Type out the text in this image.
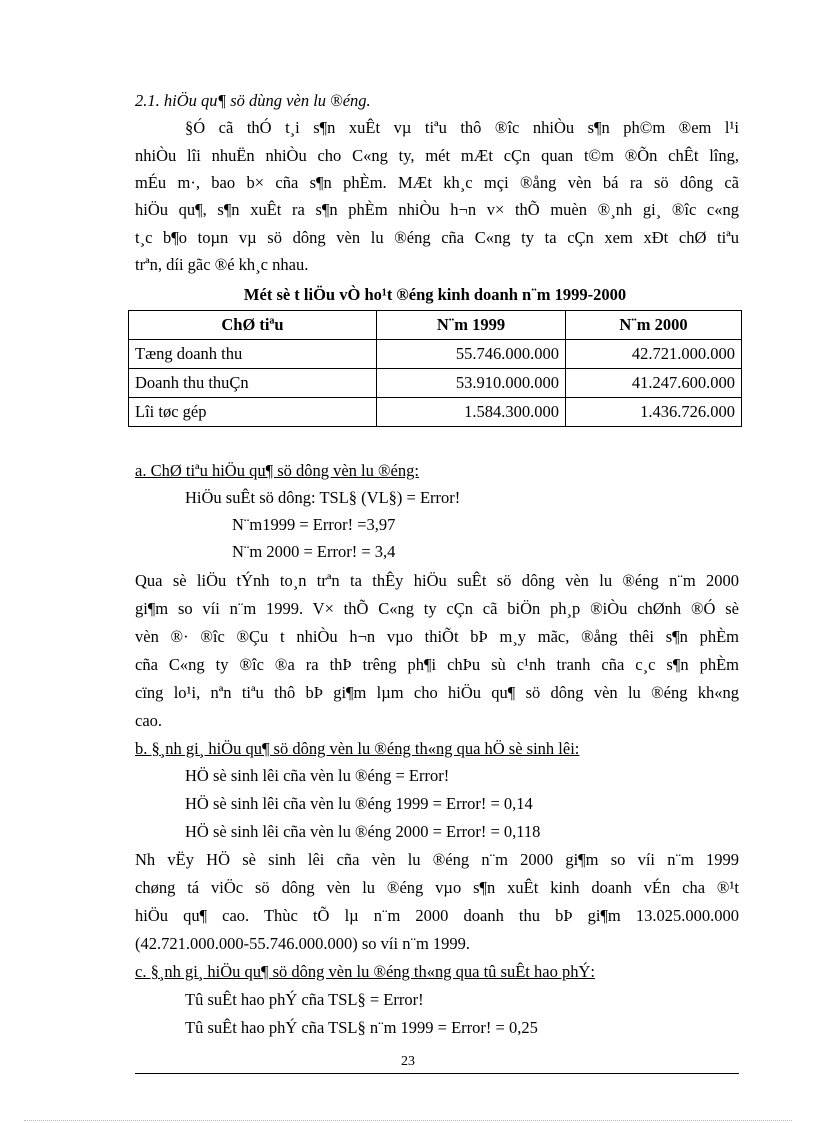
2.1. hiÖu qu¶ sö dùng vèn lu ®éng.
§Ó cã thÓ t¸i s¶n xuÊt vµ tiªu thô ®îc nhiÒu s¶n ph©m ®em l¹i
nhiÒu lîi nhuËn nhiÒu cho C«ng ty, mét mÆt cÇn quan t©m ®Õn chÊt lîng,
mÉu m·, bao b× cña s¶n phÈm. MÆt kh¸c mçi ®ång vèn bá ra sö dông cã
hiÖu qu¶, s¶n xuÊt ra s¶n phÈm nhiÒu h¬n v× thÕ muèn ®¸nh gi¸ ®îc c«ng
t¸c b¶o toµn vµ sö dông vèn lu ®éng cña C«ng ty ta cÇn xem xÐt chØ tiªu
trªn, díi gãc ®é kh¸c nhau.
Mét sè t liÖu vÒ ho¹t ®éng kinh doanh n¨m 1999-2000
ChØ tiªu	N¨m 1999	N¨m 2000
Tæng doanh thu	55.746.000.000	42.721.000.000
Doanh thu thuÇn	53.910.000.000	41.247.600.000
Lîi tøc gép	1.584.300.000	1.436.726.000
a. ChØ tiªu hiÖu qu¶ sö dông vèn lu ®éng:
HiÖu suÊt sö dông: TSL§ (VL§) = Error!
N¨m1999 = Error! =3,97
N¨m 2000 = Error! = 3,4
Qua sè liÖu tÝnh to¸n trªn ta thÊy hiÖu suÊt sö dông vèn lu ®éng n¨m 2000
gi¶m so víi n¨m 1999. V× thÕ C«ng ty cÇn cã biÖn ph¸p ®iÒu chØnh ®Ó sè
vèn ®· ®îc ®Çu t nhiÒu h¬n vµo thiÕt bÞ m¸y mãc, ®ång thêi s¶n phÈm
cña C«ng ty ®îc ®a ra thÞ trêng ph¶i chÞu sù c¹nh tranh cña c¸c s¶n phÈm
cïng lo¹i, nªn tiªu thô bÞ gi¶m lµm cho hiÖu qu¶ sö dông vèn lu ®éng kh«ng
cao.
b. §¸nh gi¸ hiÖu qu¶ sö dông vèn lu ®éng th«ng qua hÖ sè sinh lêi:
HÖ sè sinh lêi cña vèn lu ®éng = Error!
HÖ sè sinh lêi cña vèn lu ®éng 1999 = Error! = 0,14
HÖ sè sinh lêi cña vèn lu ®éng 2000 = Error! = 0,118
Nh vËy HÖ sè sinh lêi cña vèn lu ®éng n¨m 2000 gi¶m so víi n¨m 1999
chøng tá viÖc sö dông vèn lu ®éng vµo s¶n xuÊt kinh doanh vÉn cha ®¹t
hiÖu qu¶ cao. Thùc tÕ lµ n¨m 2000 doanh thu bÞ gi¶m 13.025.000.000
(42.721.000.000-55.746.000.000) so víi n¨m 1999.
c. §¸nh gi¸ hiÖu qu¶ sö dông vèn lu ®éng th«ng qua tû suÊt hao phÝ:
Tû suÊt hao phÝ cña TSL§ = Error!
Tû suÊt hao phÝ cña TSL§ n¨m 1999 = Error! = 0,25
23
